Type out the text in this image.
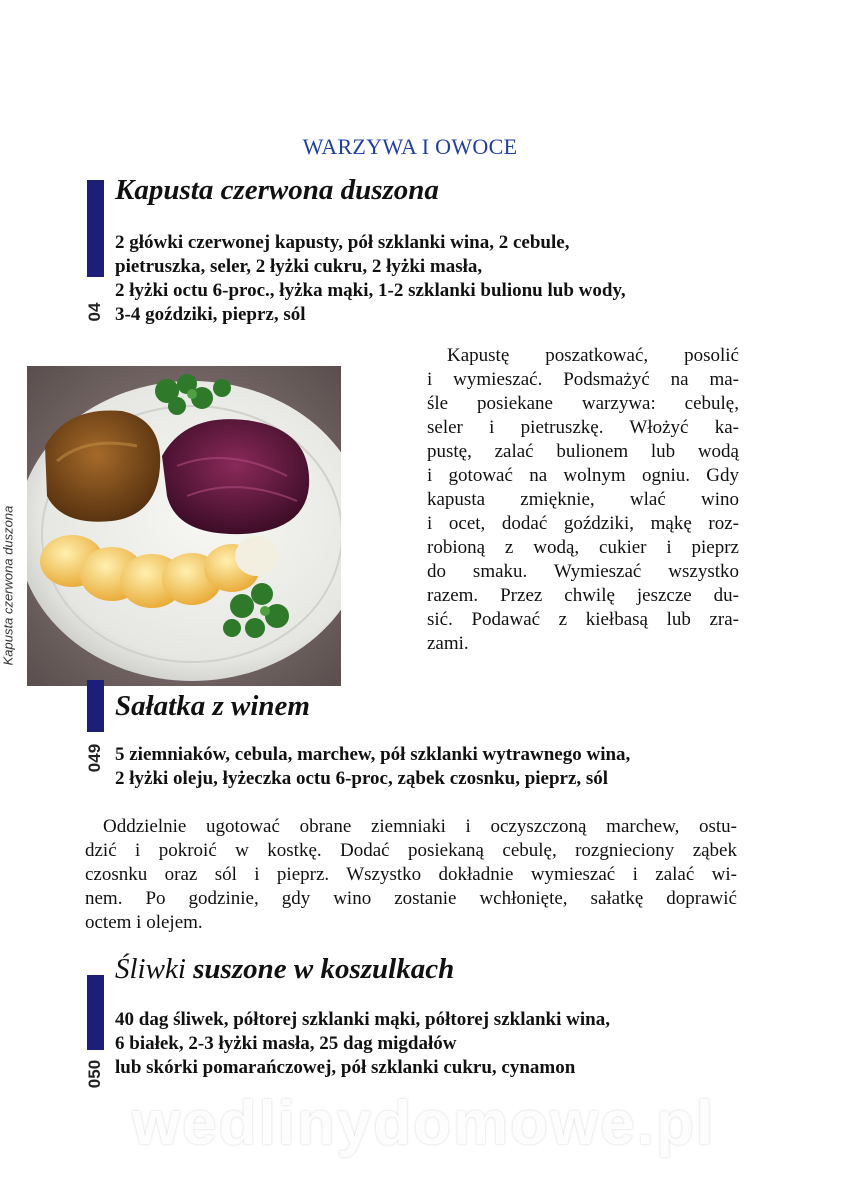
WARZYWA I OWOCE
04
Kapusta czerwona duszona
2 główki czerwonej kapusty, pół szklanki wina, 2 cebule,
pietruszka, seler, 2 łyżki cukru, 2 łyżki masła,
2 łyżki octu 6-proc., łyżka mąki, 1-2 szklanki bulionu lub wody,
3-4 goździki, pieprz, sól
Kapusta czerwona duszona
Kapustę poszatkować, posolić
i wymieszać. Podsmażyć na ma-
śle posiekane warzywa: cebulę,
seler i pietruszkę. Włożyć ka-
pustę, zalać bulionem lub wodą
i gotować na wolnym ogniu. Gdy
kapusta zmięknie, wlać wino
i ocet, dodać goździki, mąkę roz-
robioną z wodą, cukier i pieprz
do smaku. Wymieszać wszystko
razem. Przez chwilę jeszcze du-
sić. Podawać z kiełbasą lub zra-
zami.
049
Sałatka z winem
5 ziemniaków, cebula, marchew, pół szklanki wytrawnego wina,
2 łyżki oleju, łyżeczka octu 6-proc, ząbek czosnku, pieprz, sól
Oddzielnie ugotować obrane ziemniaki i oczyszczoną marchew, ostu-
dzić i pokroić w kostkę. Dodać posiekaną cebulę, rozgnieciony ząbek
czosnku oraz sól i pieprz. Wszystko dokładnie wymieszać i zalać wi-
nem. Po godzinie, gdy wino zostanie wchłonięte, sałatkę doprawić
octem i olejem.
050
Śliwki suszone w koszulkach
40 dag śliwek, półtorej szklanki mąki, półtorej szklanki wina,
6 białek, 2-3 łyżki masła, 25 dag migdałów
lub skórki pomarańczowej, pół szklanki cukru, cynamon
wedlinydomowe.pl
